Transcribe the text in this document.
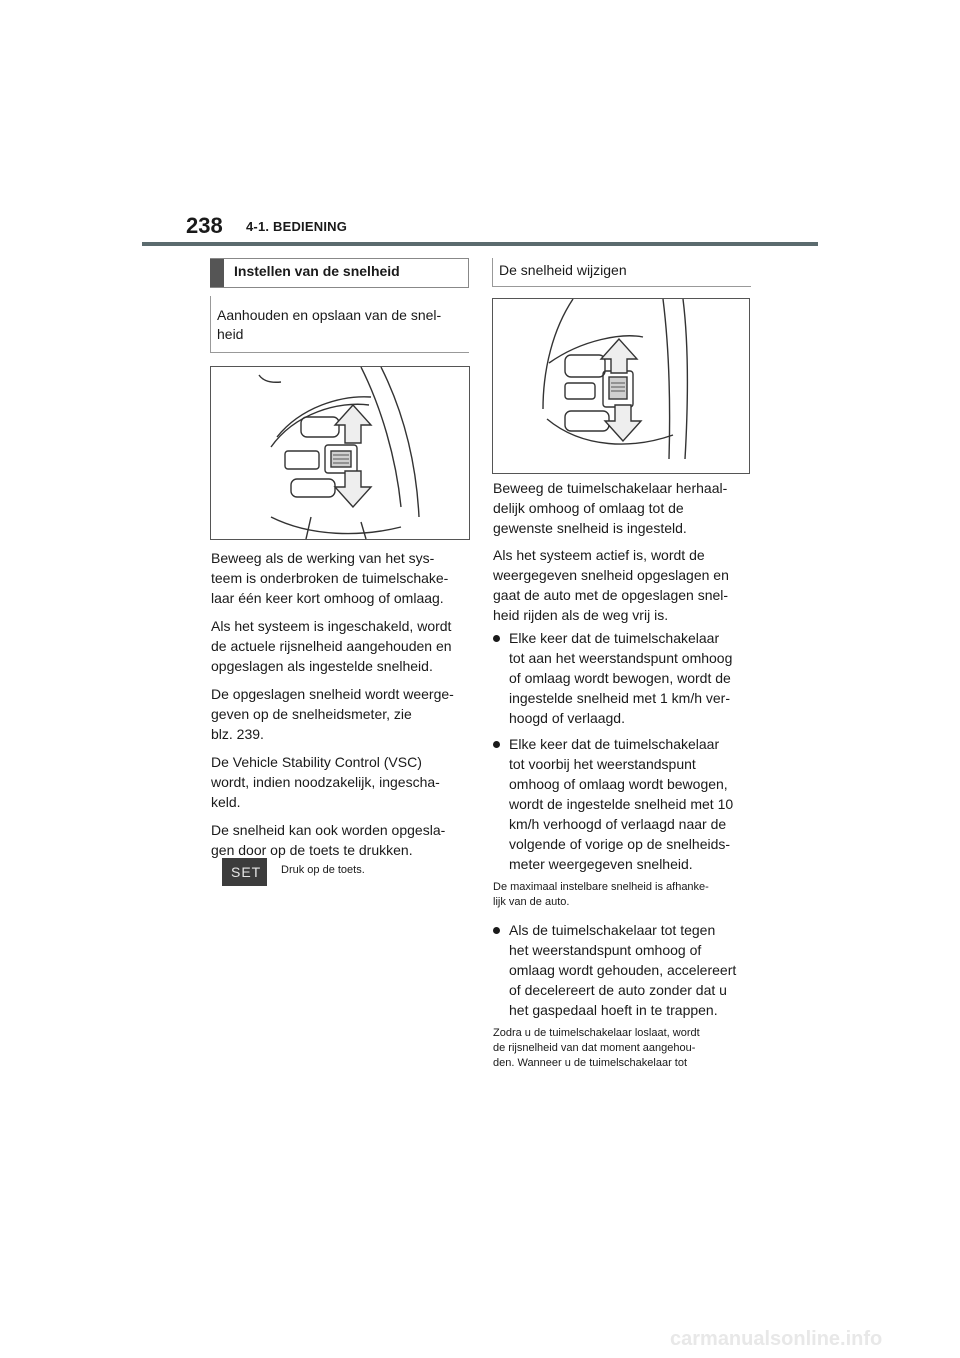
238 4-1. BEDIENING
Instellen van de snelheid
Aanhouden en opslaan van de snel-
heid
Beweeg als de werking van het sys-
teem is onderbroken de tuimelschake-
laar één keer kort omhoog of omlaag.
Als het systeem is ingeschakeld, wordt
de actuele rijsnelheid aangehouden en
opgeslagen als ingestelde snelheid.
De opgeslagen snelheid wordt weerge-
geven op de snelheidsmeter, zie
blz. 239.
De Vehicle Stability Control (VSC)
wordt, indien noodzakelijk, ingescha-
keld.
De snelheid kan ook worden opgesla-
gen door op de toets te drukken.
SET Druk op de toets.
De snelheid wijzigen
Beweeg de tuimelschakelaar herhaal-
delijk omhoog of omlaag tot de
gewenste snelheid is ingesteld.
Als het systeem actief is, wordt de
weergegeven snelheid opgeslagen en
gaat de auto met de opgeslagen snel-
heid rijden als de weg vrij is.
Elke keer dat de tuimelschakelaar
tot aan het weerstandspunt omhoog
of omlaag wordt bewogen, wordt de
ingestelde snelheid met 1 km/h ver-
hoogd of verlaagd.
Elke keer dat de tuimelschakelaar
tot voorbij het weerstandspunt
omhoog of omlaag wordt bewogen,
wordt de ingestelde snelheid met 10
km/h verhoogd of verlaagd naar de
volgende of vorige op de snelheids-
meter weergegeven snelheid.
De maximaal instelbare snelheid is afhanke-
lijk van de auto.
Als de tuimelschakelaar tot tegen
het weerstandspunt omhoog of
omlaag wordt gehouden, accelereert
of decelereert de auto zonder dat u
het gaspedaal hoeft in te trappen.
Zodra u de tuimelschakelaar loslaat, wordt
de rijsnelheid van dat moment aangehou-
den. Wanneer u de tuimelschakelaar tot
carmanualsonline.info
